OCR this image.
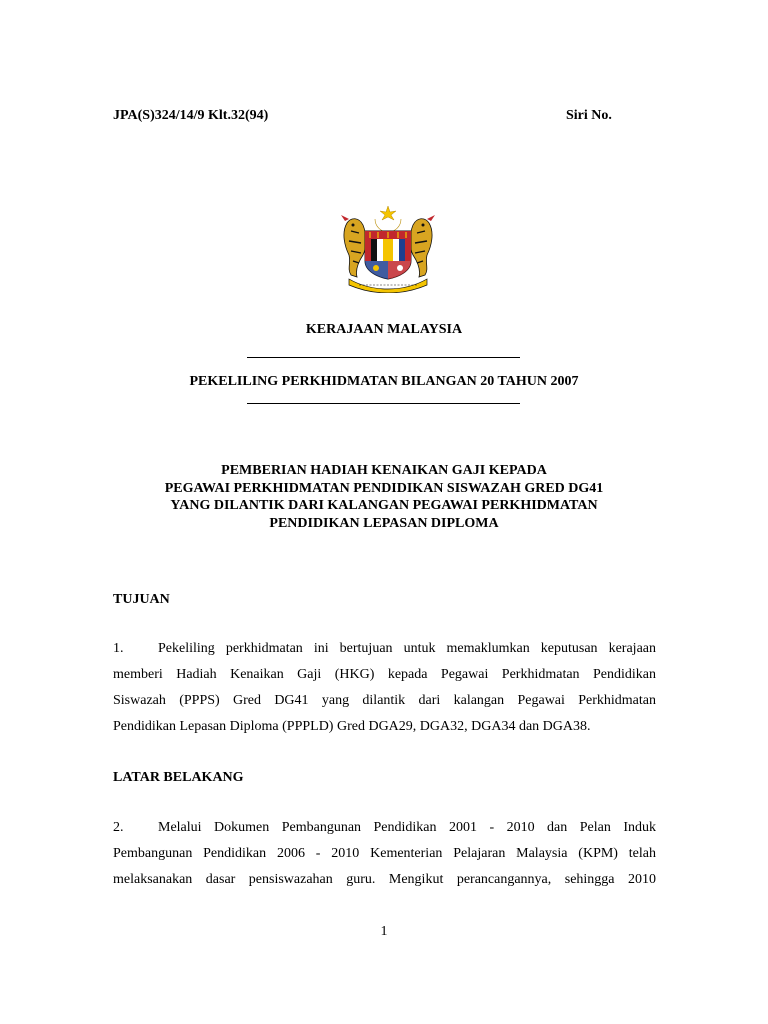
JPA(S)324/14/9 Klt.32(94)	Siri No.
KERAJAAN MALAYSIA
PEKELILING PERKHIDMATAN BILANGAN 20 TAHUN 2007
PEMBERIAN HADIAH KENAIKAN GAJI KEPADA
PEGAWAI PERKHIDMATAN PENDIDIKAN SISWAZAH GRED DG41
YANG DILANTIK DARI KALANGAN PEGAWAI PERKHIDMATAN
PENDIDIKAN LEPASAN DIPLOMA
TUJUAN
1. Pekeliling perkhidmatan ini bertujuan untuk memaklumkan keputusan kerajaan
memberi Hadiah Kenaikan Gaji (HKG) kepada Pegawai Perkhidmatan Pendidikan
Siswazah (PPPS) Gred DG41 yang dilantik dari kalangan Pegawai Perkhidmatan
Pendidikan Lepasan Diploma (PPPLD) Gred DGA29, DGA32, DGA34 dan DGA38.
LATAR BELAKANG
2. Melalui Dokumen Pembangunan Pendidikan 2001 - 2010 dan Pelan Induk
Pembangunan Pendidikan 2006 - 2010 Kementerian Pelajaran Malaysia (KPM) telah
melaksanakan dasar pensiswazahan guru. Mengikut perancangannya, sehingga 2010
1
